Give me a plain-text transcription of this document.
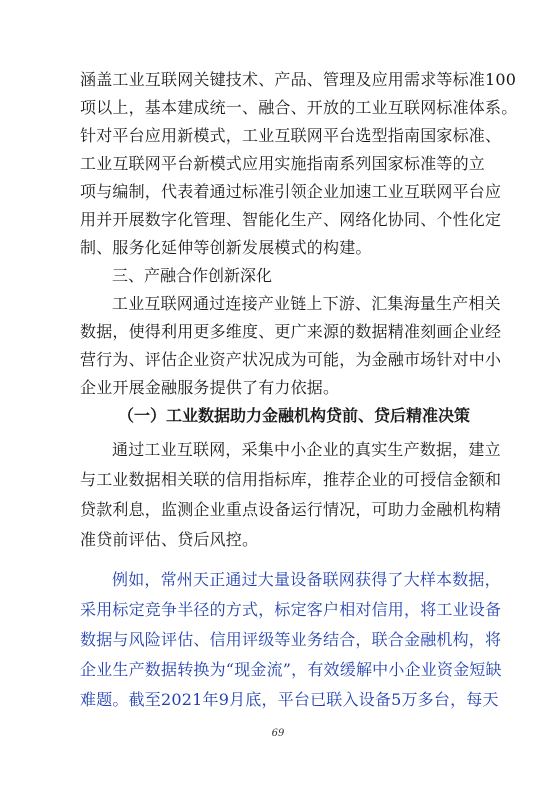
涵盖工业互联网关键技术、产品、管理及应用需求等标准100
项以上，基本建成统一、融合、开放的工业互联网标准体系。
针对平台应用新模式，工业互联网平台选型指南国家标准、
工业互联网平台新模式应用实施指南系列国家标准等的立
项与编制，代表着通过标准引领企业加速工业互联网平台应
用并开展数字化管理、智能化生产、网络化协同、个性化定
制、服务化延伸等创新发展模式的构建。
三、产融合作创新深化
工业互联网通过连接产业链上下游、汇集海量生产相关
数据，使得利用更多维度、更广来源的数据精准刻画企业经
营行为、评估企业资产状况成为可能，为金融市场针对中小
企业开展金融服务提供了有力依据。
（一）工业数据助力金融机构贷前、贷后精准决策
通过工业互联网，采集中小企业的真实生产数据，建立
与工业数据相关联的信用指标库，推荐企业的可授信金额和
贷款利息，监测企业重点设备运行情况，可助力金融机构精
准贷前评估、贷后风控。
例如，常州天正通过大量设备联网获得了大样本数据，
采用标定竞争半径的方式，标定客户相对信用，将工业设备
数据与风险评估、信用评级等业务结合，联合金融机构，将
企业生产数据转换为“现金流”，有效缓解中小企业资金短缺
难题。截至2021年9月底，平台已联入设备5万多台，每天
69
